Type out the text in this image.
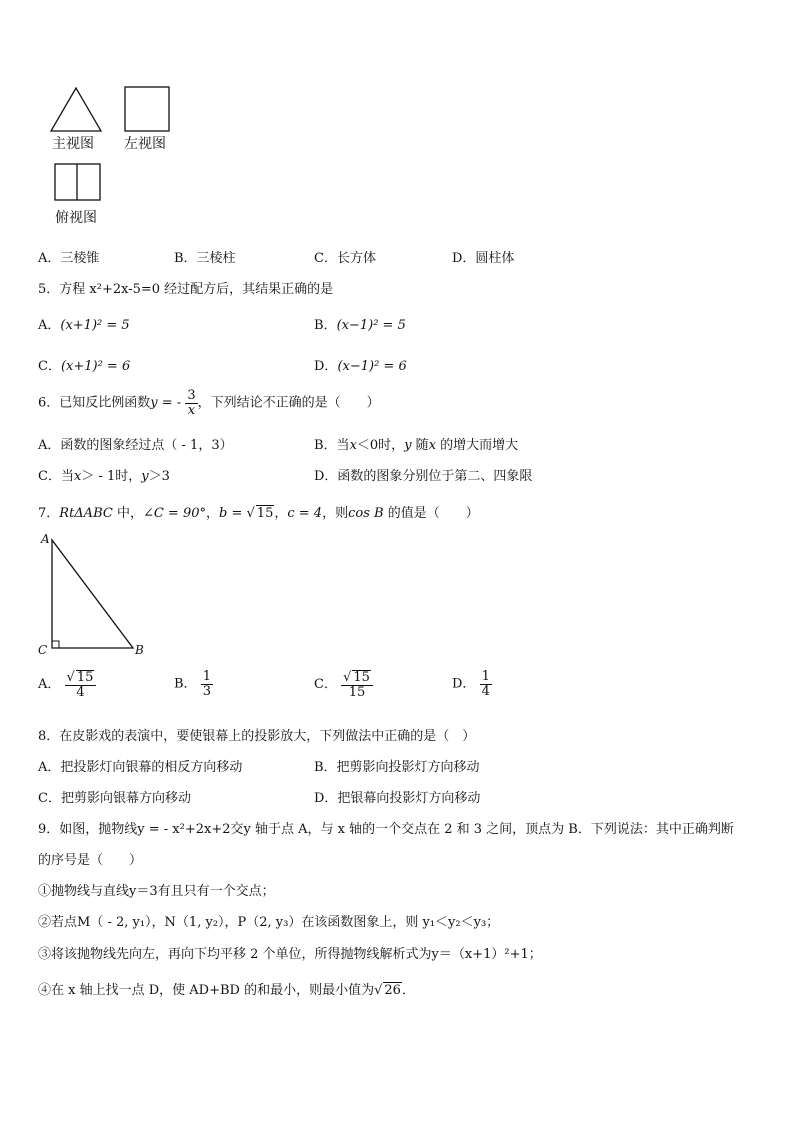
主视图 左视图
俯视图
A．三棱锥	B．三棱柱	C．长方体	D．圆柱体
5．方程 x²+2x-5=0 经过配方后，其结果正确的是
A．(x+1)² = 5	B．(x−1)² = 5
C．(x+1)² = 6	D．(x−1)² = 6
6．已知反比例函数y = - $\frac{3}{x}$ ，下列结论不正确的是（　　）
A．函数的图象经过点（ - 1，3）	B．当x＜0时，y 随x 的增大而增大
C．当x＞ - 1时，y＞3	D．函数的图象分别位于第二、四象限
7．RtΔABC 中，∠C = 90°，b = √ 15，c = 4，则cos B 的值是（　　）
A
C	B
A． $\frac{√ 15}{4}$	B． $\frac{1}{3}$	C． $\frac{√ 15}{15}$	D． $\frac{1}{4}$
8．在皮影戏的表演中，要使银幕上的投影放大，下列做法中正确的是（　）
A．把投影灯向银幕的相反方向移动	B．把剪影向投影灯方向移动
C．把剪影向银幕方向移动	D．把银幕向投影灯方向移动
9．如图，抛物线y = - x²+2x+2交y 轴于点 A，与 x 轴的一个交点在 2 和 3 之间，顶点为 B．下列说法：其中正确判断
的序号是（　　）
①抛物线与直线y＝3有且只有一个交点；
②若点M（ - 2, y₁），N（1, y₂），P（2, y₃）在该函数图象上，则 y₁＜y₂＜y₃；
③将该抛物线先向左，再向下均平移 2 个单位，所得抛物线解析式为y＝（x+1）²+1；
④在 x 轴上找一点 D，使 AD+BD 的和最小，则最小值为√ 26．
